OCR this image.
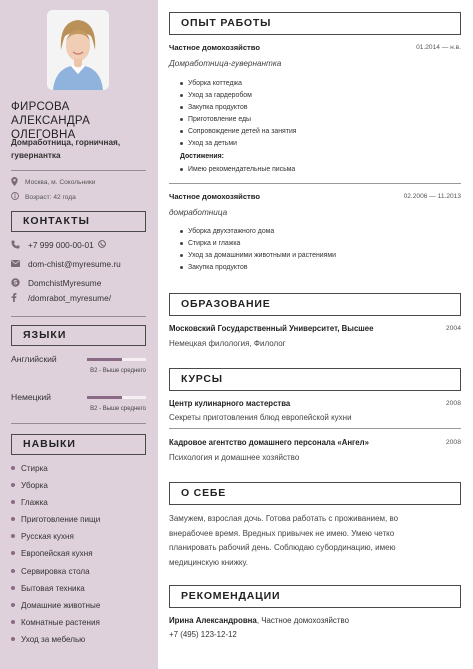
ФИРСОВА АЛЕКСАНДРА
ОЛЕГОВНА
Домработница, горничная,
гувернантка
Москва, м. Сокольники
Возраст: 42 года
КОНТАКТЫ
+7 999 000-00-01
dom-chist@myresume.ru
S DomchistMyresume
/domrabot_myresume/
ЯЗЫКИ
Английский
B2 - Выше среднего
Немецкий
B2 - Выше среднего
НАВЫКИ
Стирка
Уборка
Глажка
Приготовление пищи
Русская кухня
Европейская кухня
Сервировка стола
Бытовая техника
Домашние животные
Комнатные растения
Уход за мебелью
ОПЫТ РАБОТЫ
Частное домохозяйство	01.2014 — н.в.
Домработница-гувернантка
Уборка коттеджа
Уход за гардеробом
Закупка продуктов
Приготовление еды
Сопровождение детей на занятия
Уход за детьми
Достижения:
Имею рекомендательные письма
Частное домохозяйство	02.2006 — 11.2013
домработница
Уборка двухэтажного дома
Стирка и глажка
Уход за домашними животными и растениями
Закупка продуктов
ОБРАЗОВАНИЕ
Московский Государственный Университет, Высшее	2004
Немецкая филология, Филолог
КУРСЫ
Центр кулинарного мастерства	2008
Секреты приготовления блюд европейской кухни
Кадровое агентство домашнего персонала «Ангел»	2008
Психология и домашнее хозяйство
О СЕБЕ
Замужем, взрослая дочь. Готова работать с проживанием, во
внерабочее время. Вредных привычек не имею. Умею четко
планировать рабочий день. Соблюдаю субординацию, имею
медицинскую книжку.
РЕКОМЕНДАЦИИ
Ирина Александровна, Частное домохозяйство
+7 (495) 123-12-12
